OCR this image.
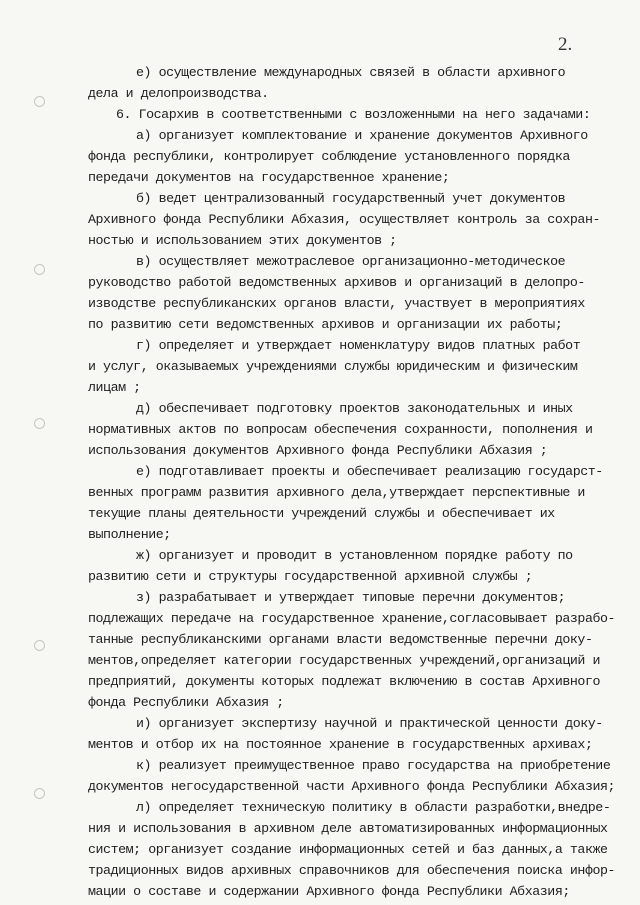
2.
е) осуществление международных связей в области архивного
дела и делопроизводства.
6. Госархив в соответственными с возложенными на него задачами:
а) организует комплектование и хранение документов Архивного
фонда республики, контролирует соблюдение установленного порядка
передачи документов на государственное хранение;
б) ведет централизованный государственный учет документов
Архивного фонда Республики Абхазия, осуществляет контроль за сохран-
ностью и использованием этих документов ;
в) осуществляет межотраслевое организационно-методическое
руководство работой ведомственных архивов и организаций в делопро-
изводстве республиканских органов власти, участвует в мероприятиях
по развитию сети ведомственных архивов и организации их работы;
г) определяет и утверждает номенклатуру видов платных работ
и услуг, оказываемых учреждениями службы юридическим и физическим
лицам ;
д) обеспечивает подготовку проектов законодательных и иных
нормативных актов по вопросам обеспечения сохранности, пополнения и
использования документов Архивного фонда Республики Абхазия ;
е) подготавливает проекты и обеспечивает реализацию государст-
венных программ развития архивного дела,утверждает перспективные и
текущие планы деятельности учреждений службы и обеспечивает их
выполнение;
ж) организует и проводит в установленном порядке работу по
развитию сети и структуры государственной архивной службы ;
з) разрабатывает и утверждает типовые перечни документов;
подлежащих передаче на государственное хранение,согласовывает разрабо-
танные республиканскими органами власти ведомственные перечни доку-
ментов,определяет категории государственных учреждений,организаций и
предприятий, документы которых подлежат включению в состав Архивного
фонда Республики Абхазия ;
и) организует экспертизу научной и практической ценности доку-
ментов и отбор их на постоянное хранение в государственных архивах;
к) реализует преимущественное право государства на приобретение
документов негосударственной части Архивного фонда Республики Абхазия;
л) определяет техническую политику в области разработки,внедре-
ния и использования в архивном деле автоматизированных информационных
систем; организует создание информационных сетей и баз данных,а также
традиционных видов архивных справочников для обеспечения поиска инфор-
мации о составе и содержании Архивного фонда Республики Абхазия;
